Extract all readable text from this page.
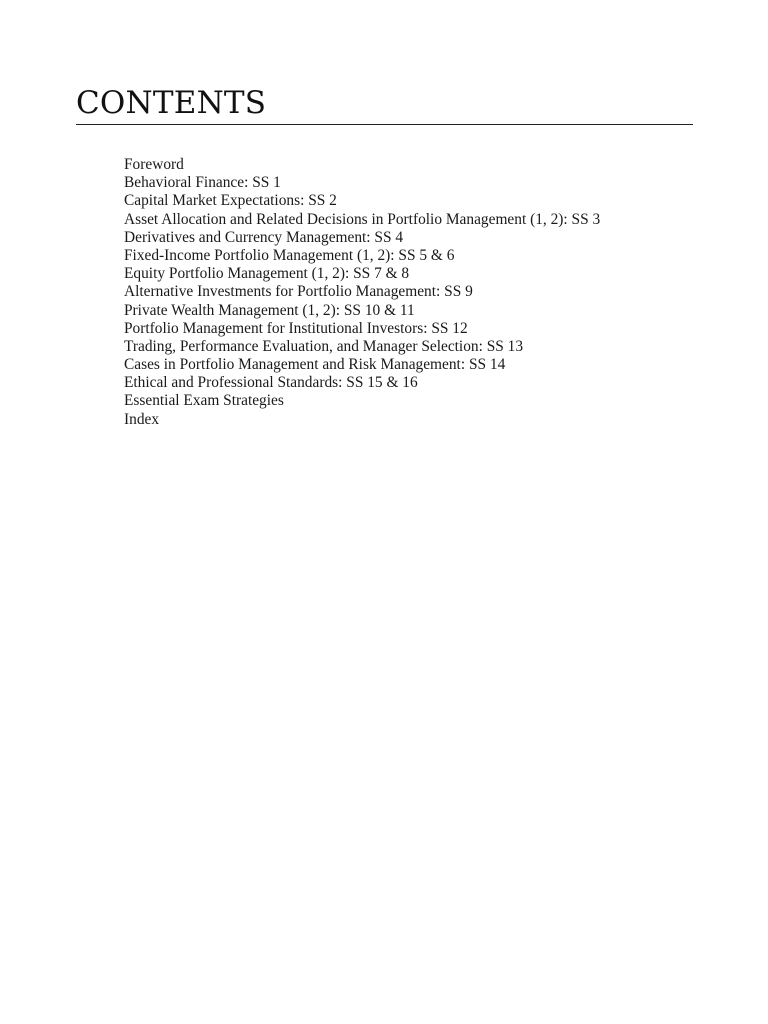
CONTENTS
Foreword
Behavioral Finance: SS 1
Capital Market Expectations: SS 2
Asset Allocation and Related Decisions in Portfolio Management (1, 2): SS 3
Derivatives and Currency Management: SS 4
Fixed-Income Portfolio Management (1, 2): SS 5 & 6
Equity Portfolio Management (1, 2): SS 7 & 8
Alternative Investments for Portfolio Management: SS 9
Private Wealth Management (1, 2): SS 10 & 11
Portfolio Management for Institutional Investors: SS 12
Trading, Performance Evaluation, and Manager Selection: SS 13
Cases in Portfolio Management and Risk Management: SS 14
Ethical and Professional Standards: SS 15 & 16
Essential Exam Strategies
Index
